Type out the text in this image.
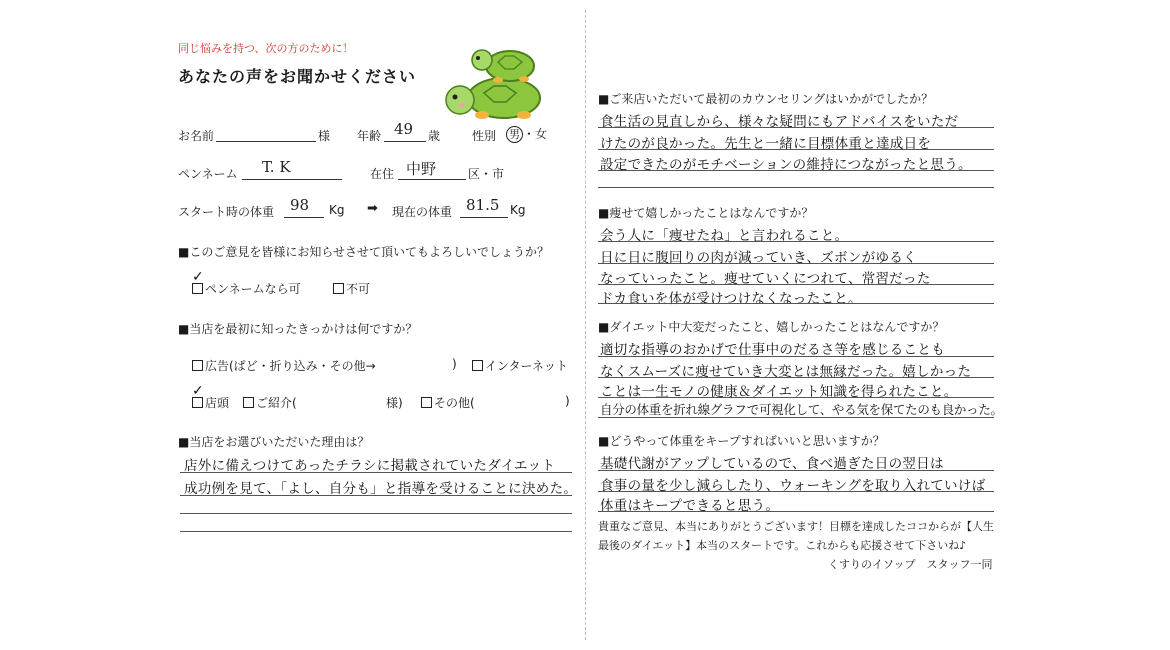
同じ悩みを持つ、次の方のために！
あなたの声をお聞かせください
お名前	様 年齢 49 歳	性別 男 ・女
ペンネーム T. K	在住 中野	区・市
スタート時の体重 98 Kg ➡ 現在の体重 81.5 Kg
■このご意見を皆様にお知らせさせて頂いてもよろしいでしょうか？
ペンネームなら可
✓
不可
■当店を最初に知ったきっかけは何ですか？
広告(ぱど・折り込み・その他→	)	インターネット
✓
店頭	ご紹介(	様)	その他(	)
■当店をお選びいただいた理由は？
店外に備えつけてあったチラシに掲載されていたダイエット
成功例を見て、「よし、自分も」と指導を受けることに決めた。
■ご来店いただいて最初のカウンセリングはいかがでしたか？
食生活の見直しから、様々な疑問にもアドバイスをいただ
けたのが良かった。先生と一緒に目標体重と達成日を
設定できたのがモチベーションの維持につながったと思う。
■痩せて嬉しかったことはなんですか？
会う人に「痩せたね」と言われること。
日に日に腹回りの肉が減っていき、ズボンがゆるく
なっていったこと。痩せていくにつれて、常習だった
ドカ食いを体が受けつけなくなったこと。
■ダイエット中大変だったこと、嬉しかったことはなんですか？
適切な指導のおかげで仕事中のだるさ等を感じることも
なくスムーズに痩せていき大変とは無縁だった。嬉しかった
ことは一生モノの健康＆ダイエット知識を得られたこと。
自分の体重を折れ線グラフで可視化して、やる気を保てたのも良かった。
■どうやって体重をキープすればいいと思いますか？
基礎代謝がアップしているので、食べ過ぎた日の翌日は
食事の量を少し減らしたり、ウォーキングを取り入れていけば
体重はキープできると思う。
貴重なご意見、本当にありがとうございます！目標を達成したココからが【人生
最後のダイエット】本当のスタートです。これからも応援させて下さいね♪
くすりのイソップ　スタッフ一同
